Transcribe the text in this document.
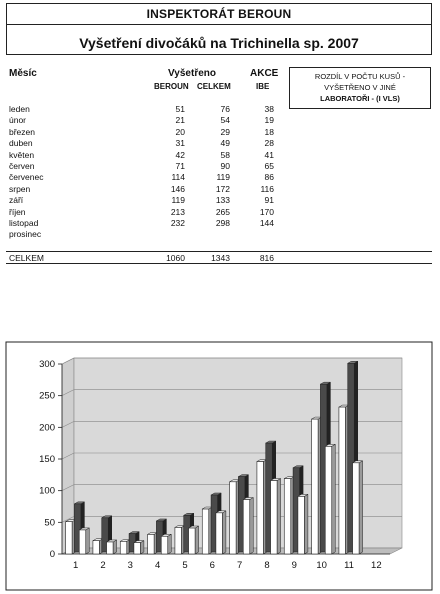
INSPEKTORÁT BEROUN
Vyšetření divočáků na Trichinella sp. 2007
Měsíc	Vyšetřeno
BEROUN CELKEM
AKCE
IBE
ROZDÍL V POČTU KUSŮ -
VYŠETŘENO V JINÉ
LABORATOŘI - (I VLS)
leden	51	76	38
únor	21	54	19
březen	20	29	18
duben	31	49	28
květen	42	58	41
červen	71	90	65
červenec	114	119	86
srpen	146	172	116
září	119	133	91
říjen	213	265	170
listopad	232	298	144
prosinec
CELKEM	1060	1343	816
0
50
100
150
200
250
300
1 2 3 4 5 6 7 8 9 10 11 12
